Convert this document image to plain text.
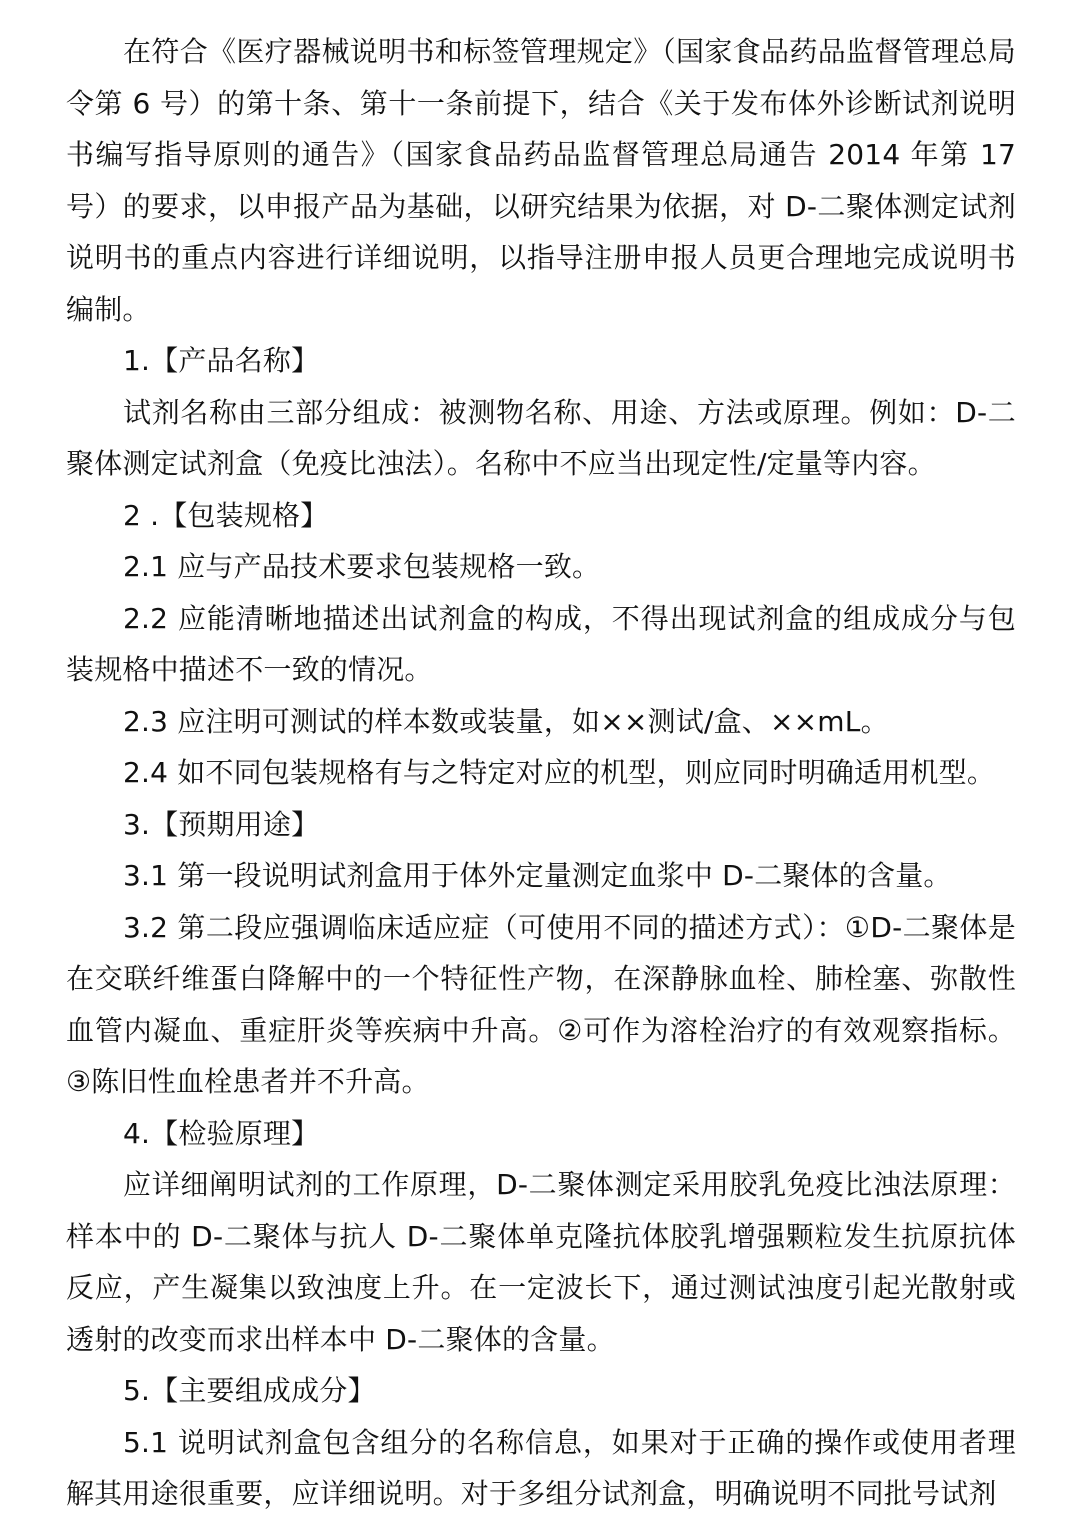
在符合《医疗器械说明书和标签管理规定》（国家食品药品监督管理总局令第 6 号）的第十条、第十一条前提下，结合《关于发布体外诊断试剂说明书编写指导原则的通告》（国家食品药品监督管理总局通告 2014 年第 17 号）的要求，以申报产品为基础，以研究结果为依据，对 D-二聚体测定试剂说明书的重点内容进行详细说明，以指导注册申报人员更合理地完成说明书编制。

1.【产品名称】

试剂名称由三部分组成：被测物名称、用途、方法或原理。例如：D-二聚体测定试剂盒（免疫比浊法）。名称中不应当出现定性/定量等内容。

2 .【包装规格】

2.1 应与产品技术要求包装规格一致。

2.2 应能清晰地描述出试剂盒的构成，不得出现试剂盒的组成成分与包装规格中描述不一致的情况。

2.3 应注明可测试的样本数或装量，如××测试/盒、××mL。

2.4 如不同包装规格有与之特定对应的机型，则应同时明确适用机型。

3.【预期用途】

3.1 第一段说明试剂盒用于体外定量测定血浆中 D-二聚体的含量。

3.2 第二段应强调临床适应症（可使用不同的描述方式）：①D-二聚体是在交联纤维蛋白降解中的一个特征性产物，在深静脉血栓、肺栓塞、弥散性血管内凝血、重症肝炎等疾病中升高。②可作为溶栓治疗的有效观察指标。③陈旧性血栓患者并不升高。

4.【检验原理】

应详细阐明试剂的工作原理，D-二聚体测定采用胶乳免疫比浊法原理：样本中的 D-二聚体与抗人 D-二聚体单克隆抗体胶乳增强颗粒发生抗原抗体反应，产生凝集以致浊度上升。在一定波长下，通过测试浊度引起光散射或透射的改变而求出样本中 D-二聚体的含量。

5.【主要组成成分】

5.1 说明试剂盒包含组分的名称信息，如果对于正确的操作或使用者理解其用途很重要，应详细说明。对于多组分试剂盒，明确说明不同批号试剂
